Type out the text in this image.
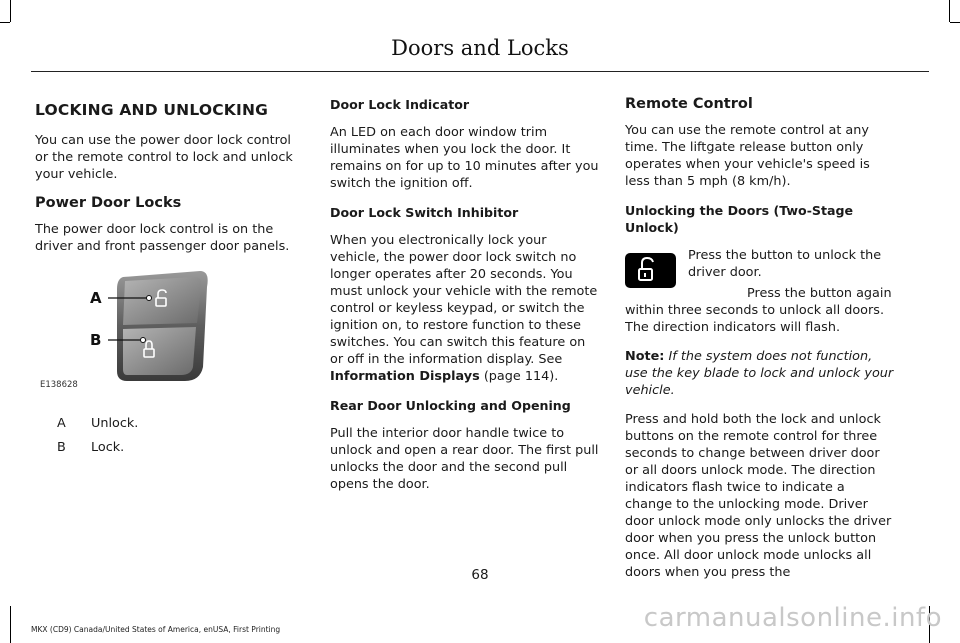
Doors and Locks
LOCKING AND UNLOCKING

You can use the power door lock control or the remote control to lock and unlock your vehicle.

Power Door Locks

The power door lock control is on the driver and front passenger door panels.

A
B
E138628
A	Unlock.
B	Lock.
Door Lock Indicator

An LED on each door window trim illuminates when you lock the door. It remains on for up to 10 minutes after you switch the ignition off.

Door Lock Switch Inhibitor

When you electronically lock your vehicle, the power door lock switch no longer operates after 20 seconds. You must unlock your vehicle with the remote control or keyless keypad, or switch the ignition on, to restore function to these switches. You can switch this feature on or off in the information display. See Information Displays (page 114).

Rear Door Unlocking and Opening

Pull the interior door handle twice to unlock and open a rear door. The first pull unlocks the door and the second pull opens the door.

Remote Control

You can use the remote control at any time. The liftgate release button only operates when your vehicle's speed is less than 5 mph (8 km/h).

Unlocking the Doors (Two-Stage Unlock)

Press the button to unlock the driver door.

Press the button again within three seconds to unlock all doors. The direction indicators will flash.

Note: If the system does not function, use the key blade to lock and unlock your vehicle.

Press and hold both the lock and unlock buttons on the remote control for three seconds to change between driver door or all doors unlock mode. The direction indicators flash twice to indicate a change to the unlocking mode. Driver door unlock mode only unlocks the driver door when you press the unlock button once. All door unlock mode unlocks all doors when you press the

68
MKX (CD9) Canada/United States of America, enUSA, First Printing	carmanualsonline.info
